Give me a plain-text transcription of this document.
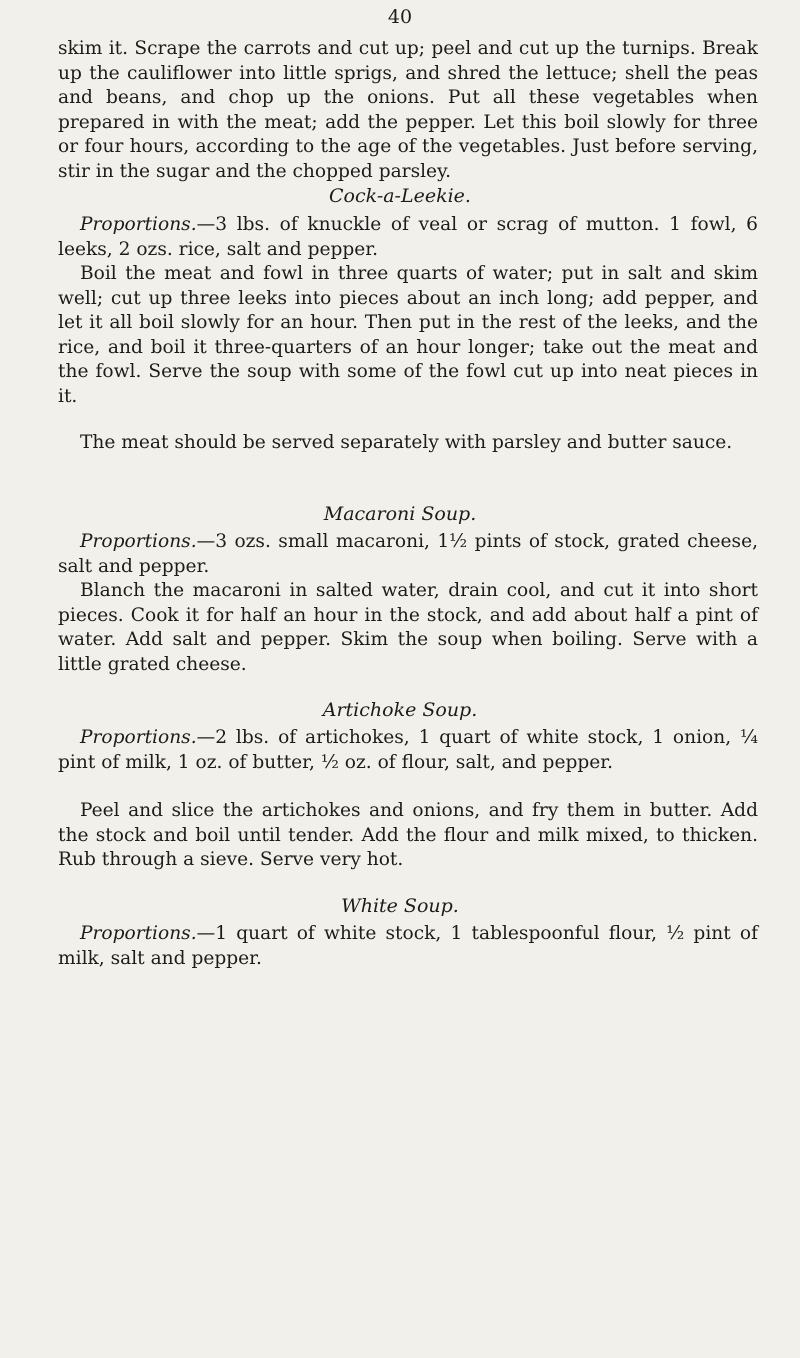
40

skim it. Scrape the carrots and cut up; peel and cut up the turnips. Break up the cauliflower into little sprigs, and shred the lettuce; shell the peas and beans, and chop up the onions. Put all these vegetables when prepared in with the meat; add the pepper. Let this boil slowly for three or four hours, according to the age of the vegetables. Just before serving, stir in the sugar and the chopped parsley.

Cock-a-Leekie.

Proportions.—3 lbs. of knuckle of veal or scrag of mutton. 1 fowl, 6 leeks, 2 ozs. rice, salt and pepper.

Boil the meat and fowl in three quarts of water; put in salt and skim well; cut up three leeks into pieces about an inch long; add pepper, and let it all boil slowly for an hour. Then put in the rest of the leeks, and the rice, and boil it three-quarters of an hour longer; take out the meat and the fowl. Serve the soup with some of the fowl cut up into neat pieces in it.

The meat should be served separately with parsley and butter sauce.

Macaroni Soup.

Proportions.—3 ozs. small macaroni, 1½ pints of stock, grated cheese, salt and pepper.

Blanch the macaroni in salted water, drain cool, and cut it into short pieces. Cook it for half an hour in the stock, and add about half a pint of water. Add salt and pepper. Skim the soup when boiling. Serve with a little grated cheese.

Artichoke Soup.

Proportions.—2 lbs. of artichokes, 1 quart of white stock, 1 onion, ¼ pint of milk, 1 oz. of butter, ½ oz. of flour, salt, and pepper.

Peel and slice the artichokes and onions, and fry them in butter. Add the stock and boil until tender. Add the flour and milk mixed, to thicken. Rub through a sieve. Serve very hot.

White Soup.

Proportions.—1 quart of white stock, 1 tablespoonful flour, ½ pint of milk, salt and pepper.
